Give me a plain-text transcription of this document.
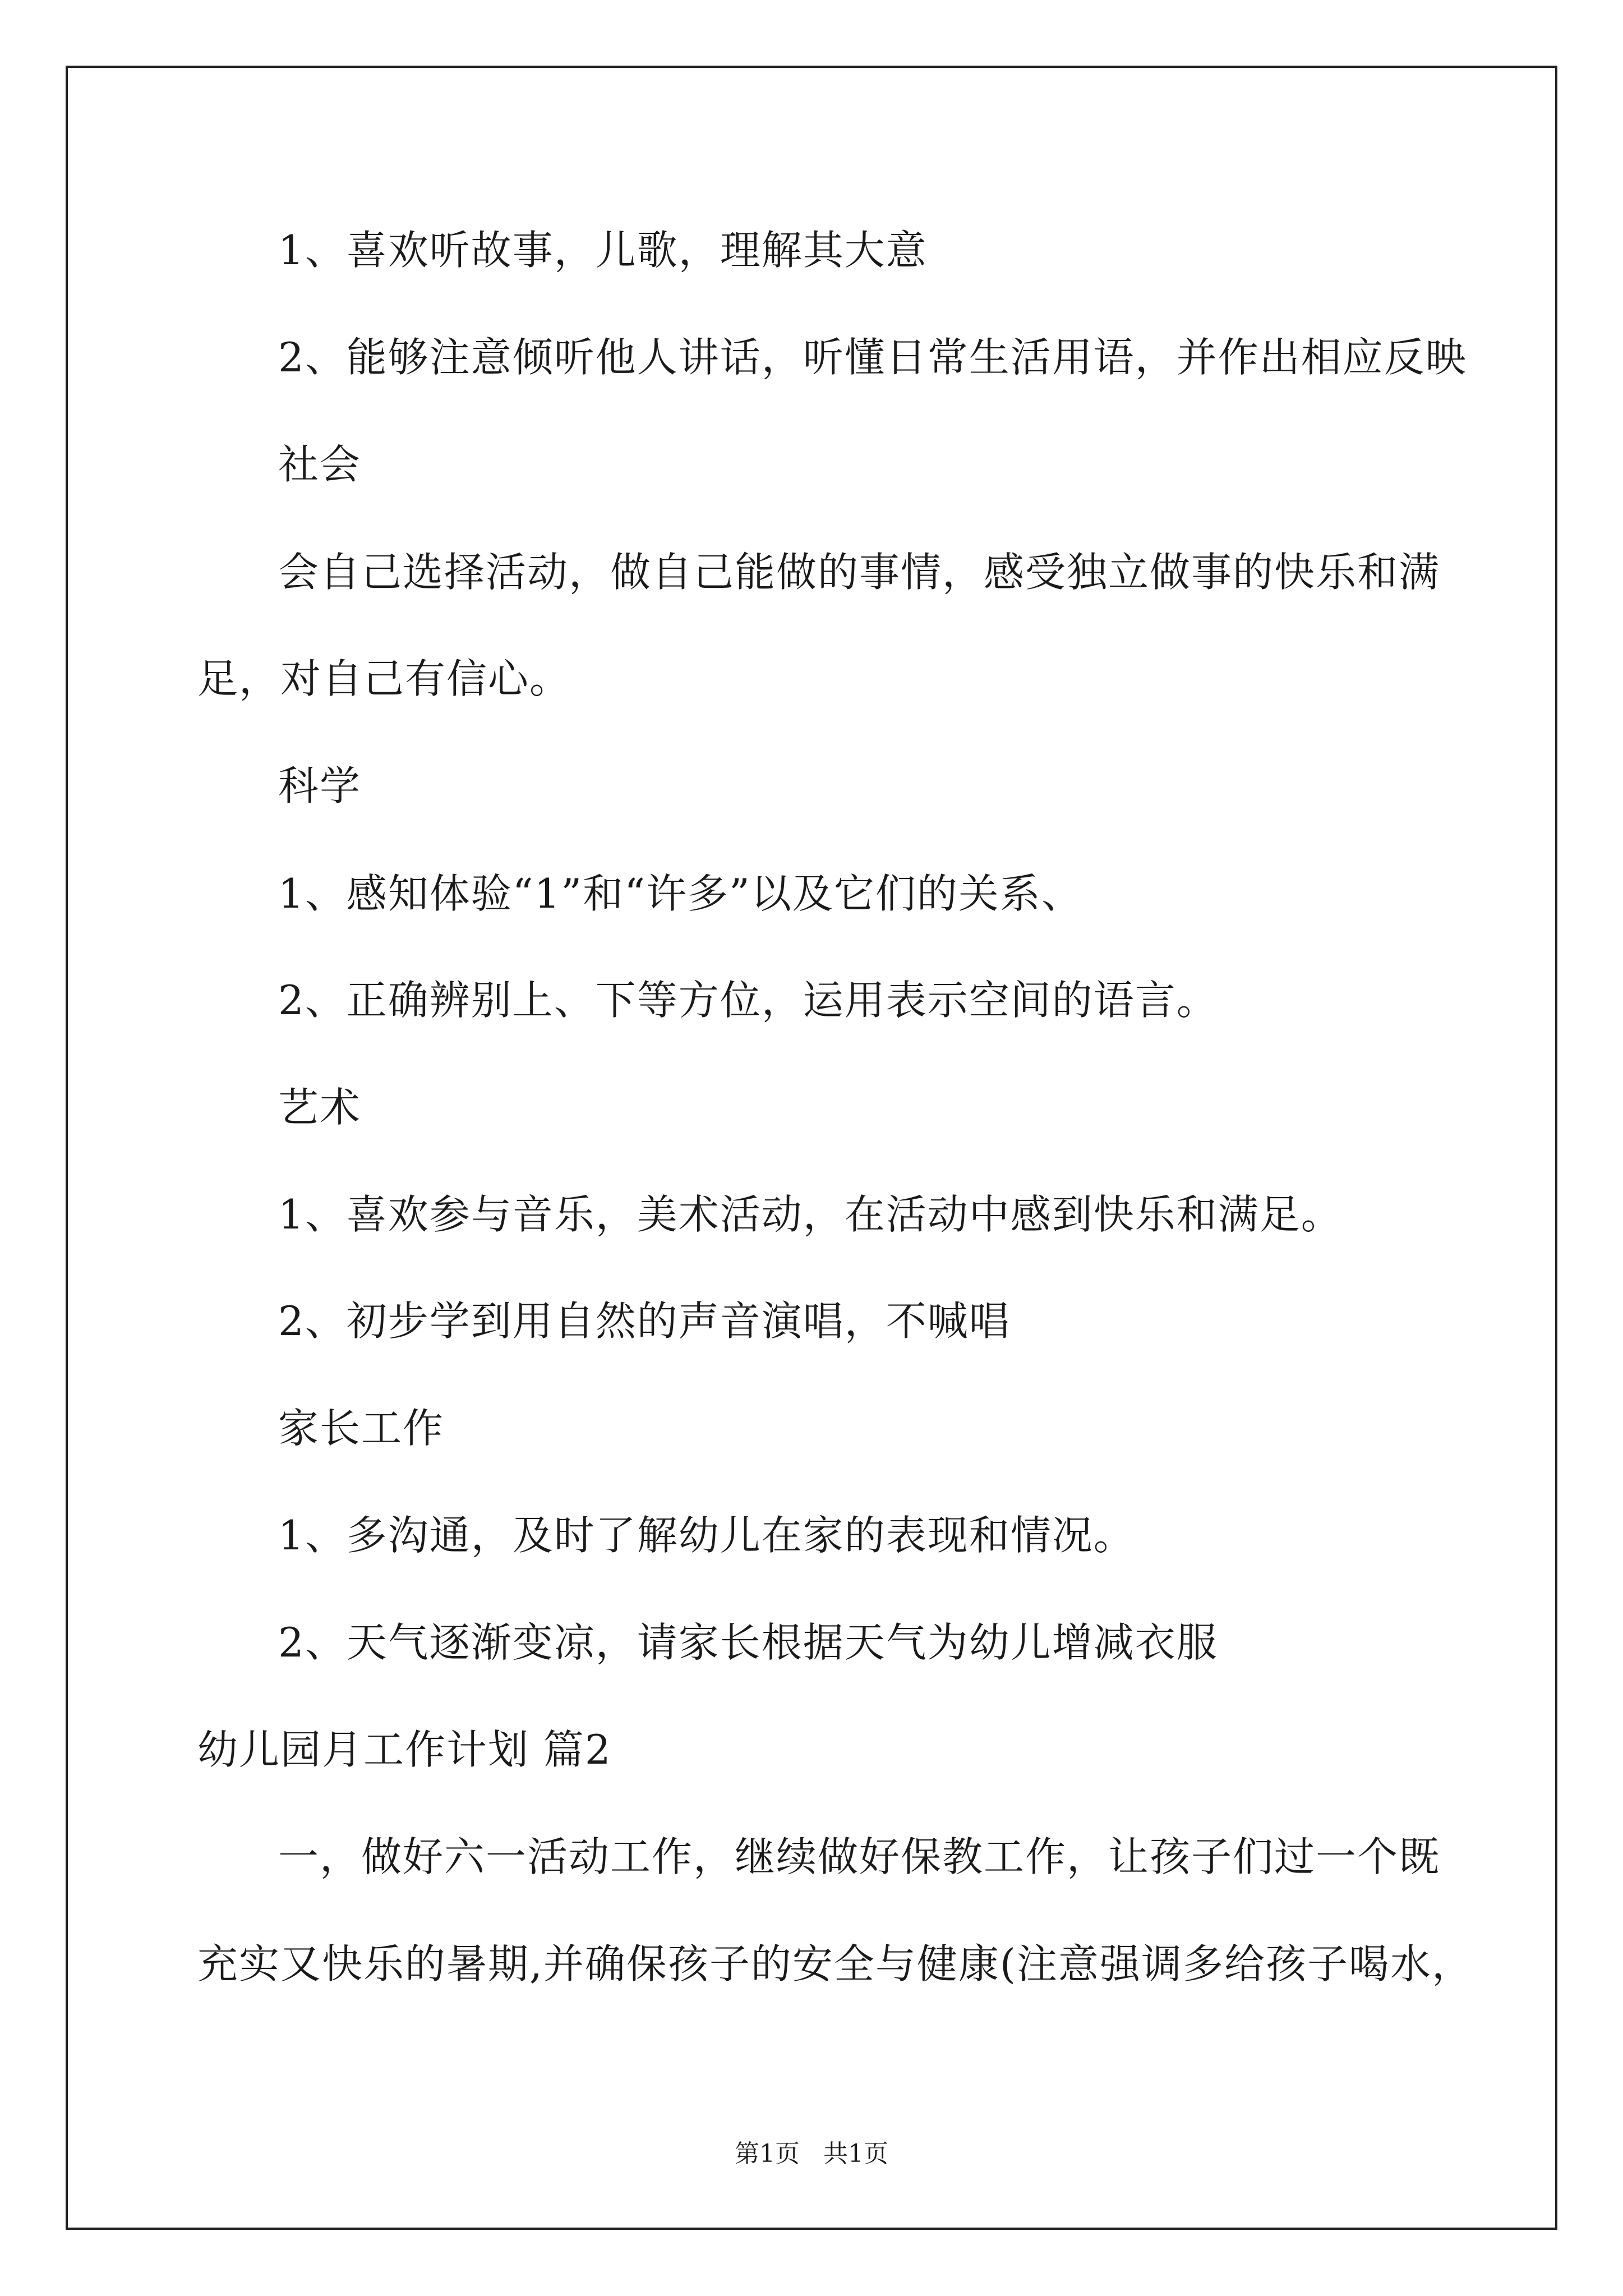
1、喜欢听故事，儿歌，理解其大意
2、能够注意倾听他人讲话，听懂日常生活用语，并作出相应反映
社会
会自己选择活动，做自己能做的事情，感受独立做事的快乐和满
足，对自己有信心。
科学
1、感知体验“1”和“许多”以及它们的关系、
2、正确辨别上、下等方位，运用表示空间的语言。
艺术
1、喜欢参与音乐，美术活动，在活动中感到快乐和满足。
2、初步学到用自然的声音演唱，不喊唱
家长工作
1、多沟通，及时了解幼儿在家的表现和情况。
2、天气逐渐变凉，请家长根据天气为幼儿增减衣服
幼儿园月工作计划 篇2
一，做好六一活动工作，继续做好保教工作，让孩子们过一个既
充实又快乐的暑期,并确保孩子的安全与健康(注意强调多给孩子喝水，
第1页   共1页
